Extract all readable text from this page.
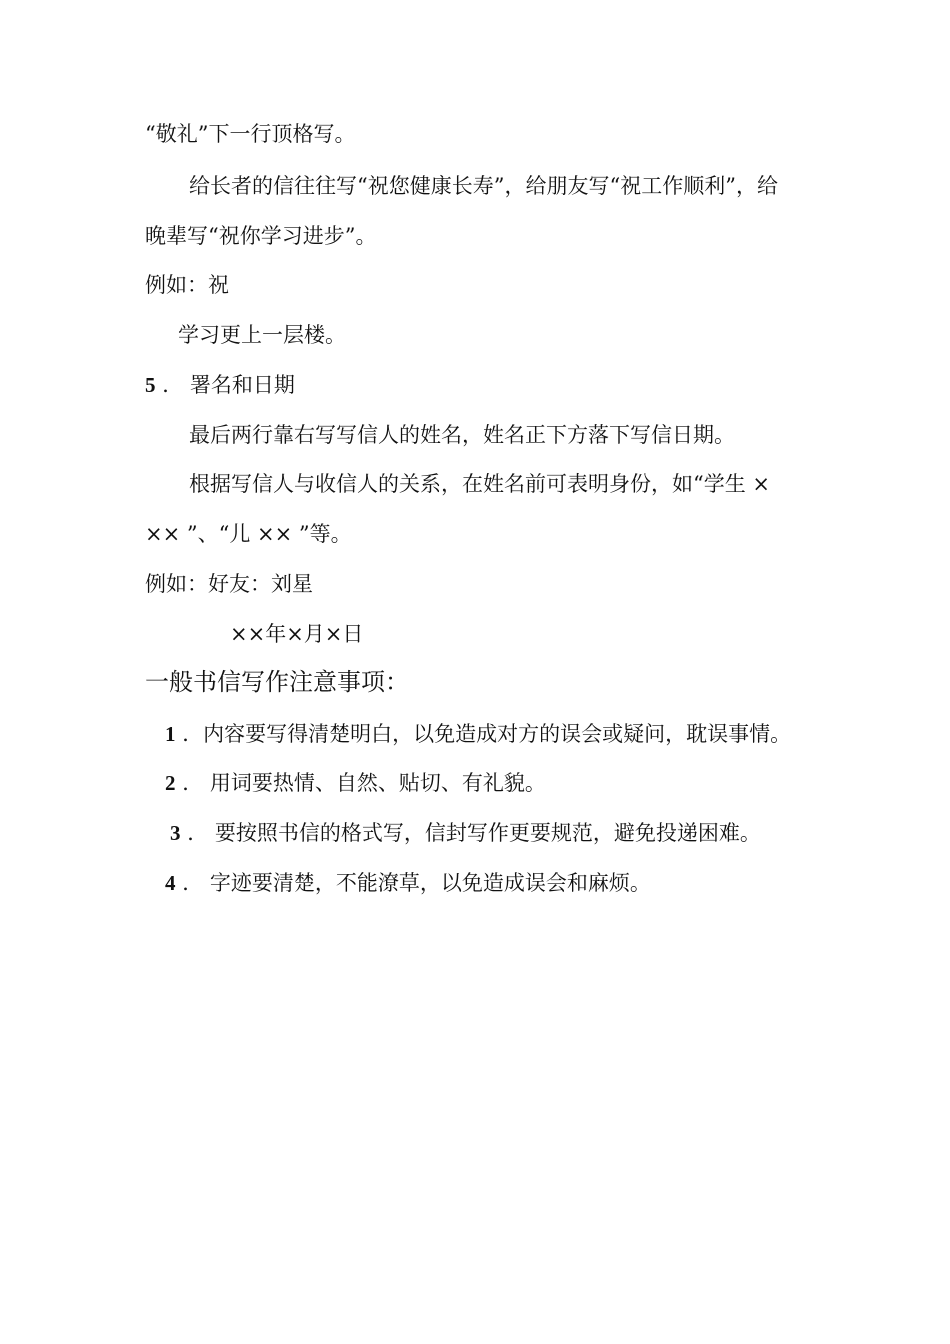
“敬礼”下一行顶格写。

给长者的信往往写“祝您健康长寿”，给朋友写“祝工作顺利”，给

晚辈写“祝你学习进步”。

例如：祝

学习更上一层楼。

5 ． 署名和日期

最后两行靠右写写信人的姓名，姓名正下方落下写信日期。

根据写信人与收信人的关系，在姓名前可表明身份，如“学生 ×

×× ”、“儿 ×× ”等。

例如：好友：刘星

××年×月×日

一般书信写作注意事项：

1 ．内容要写得清楚明白，以免造成对方的误会或疑问，耽误事情。

2 ． 用词要热情、自然、贴切、有礼貌。

3 ． 要按照书信的格式写，信封写作更要规范，避免投递困难。

4 ． 字迹要清楚，不能潦草，以免造成误会和麻烦。
